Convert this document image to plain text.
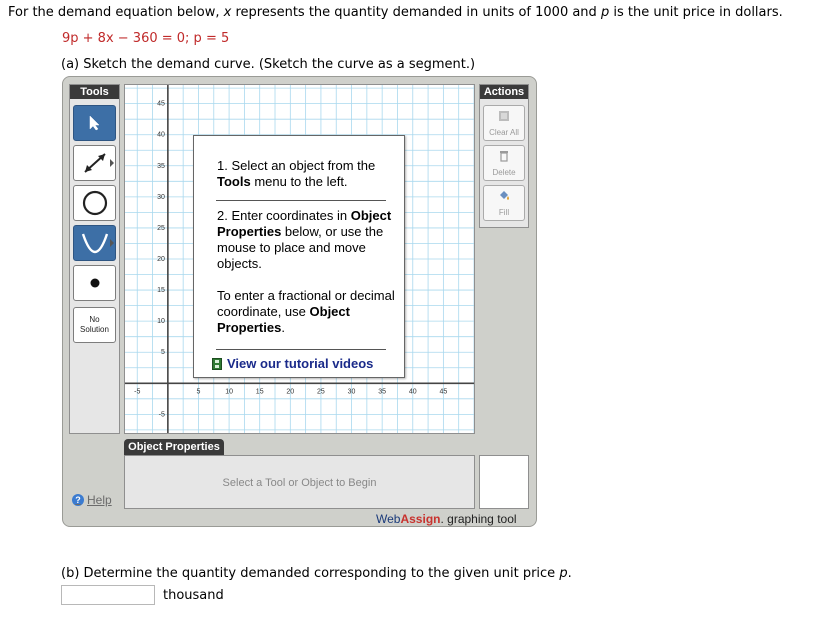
For the demand equation below, x represents the quantity demanded in units of 1000 and p is the unit price in dollars.
9p + 8x − 360 = 0; p = 5
(a) Sketch the demand curve. (Sketch the curve as a segment.)
Tools
No
Solution
-5	5	10	15	20	25	30	35	40	45
45
40
35
30
25
20
15
10
5
-5
1. Select an object from the Tools menu to the left.
2. Enter coordinates in Object Properties below, or use the mouse to place and move objects.
To enter a fractional or decimal coordinate, use Object Properties.
View our tutorial videos
Actions
Clear All
Delete
Fill
Object Properties
Select a Tool or Object to Begin
? Help
WebAssign. graphing tool
(b) Determine the quantity demanded corresponding to the given unit price p.
thousand
